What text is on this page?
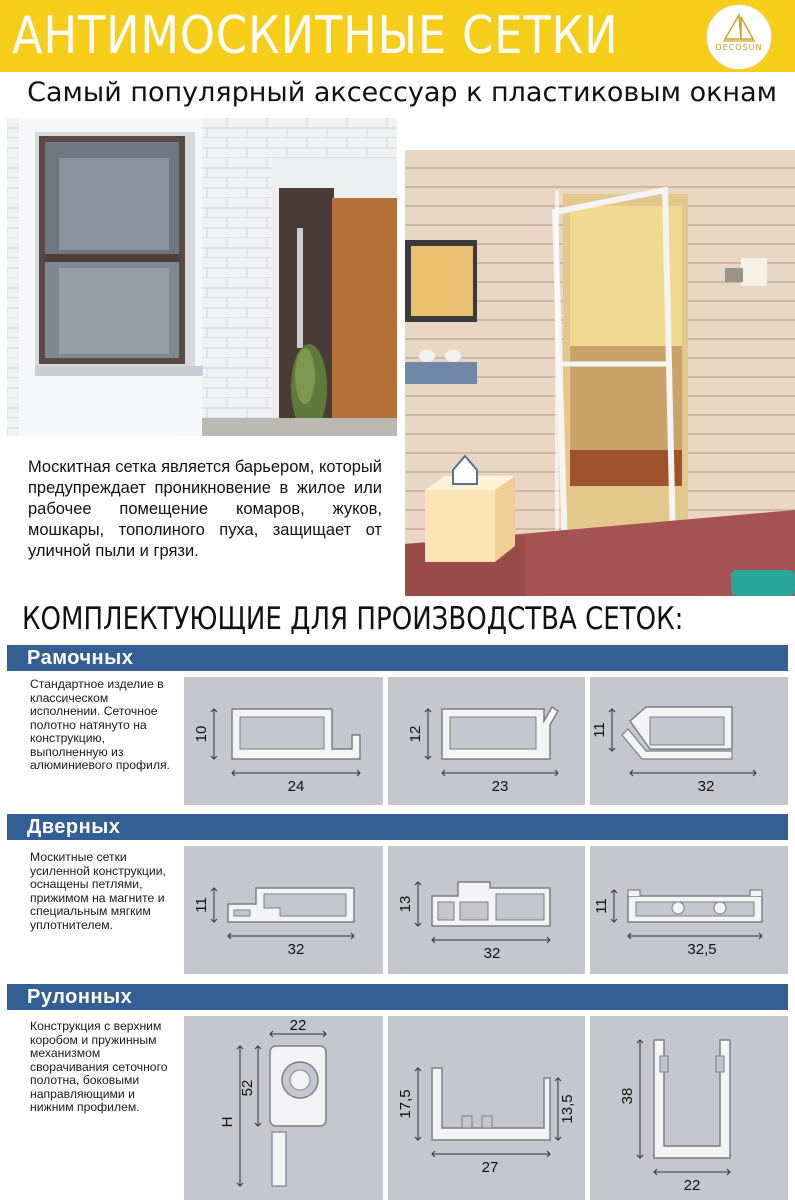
АНТИМОСКИТНЫЕ СЕТКИ	DECOSUN
Самый популярный аксессуар к пластиковым окнам
Москитная сетка является барьером, который предупреждает проникновение в жилое или рабочее помещение комаров, жуков, мошкары, тополиного пуха, защищает от уличной пыли и грязи.
КОМПЛЕКТУЮЩИЕ ДЛЯ ПРОИЗВОДСТВА СЕТОК:
Рамочных
Стандартное изделие в классическом исполнении. Сеточное полотно натянуто на конструкцию, выполненную из алюминиевого профиля.
10
24
12
23
11
32
Дверных
Москитные сетки усиленной конструкции, оснащены петлями, прижимом на магните и специальным мягким уплотнителем.
11
32
13
32
11
32,5
Рулонных
Конструкция с верхним коробом и пружинным механизмом сворачивания сеточного полотна, боковыми направляющими и нижним профилем.
22
52
H
17,5	13,5
27
38
22
